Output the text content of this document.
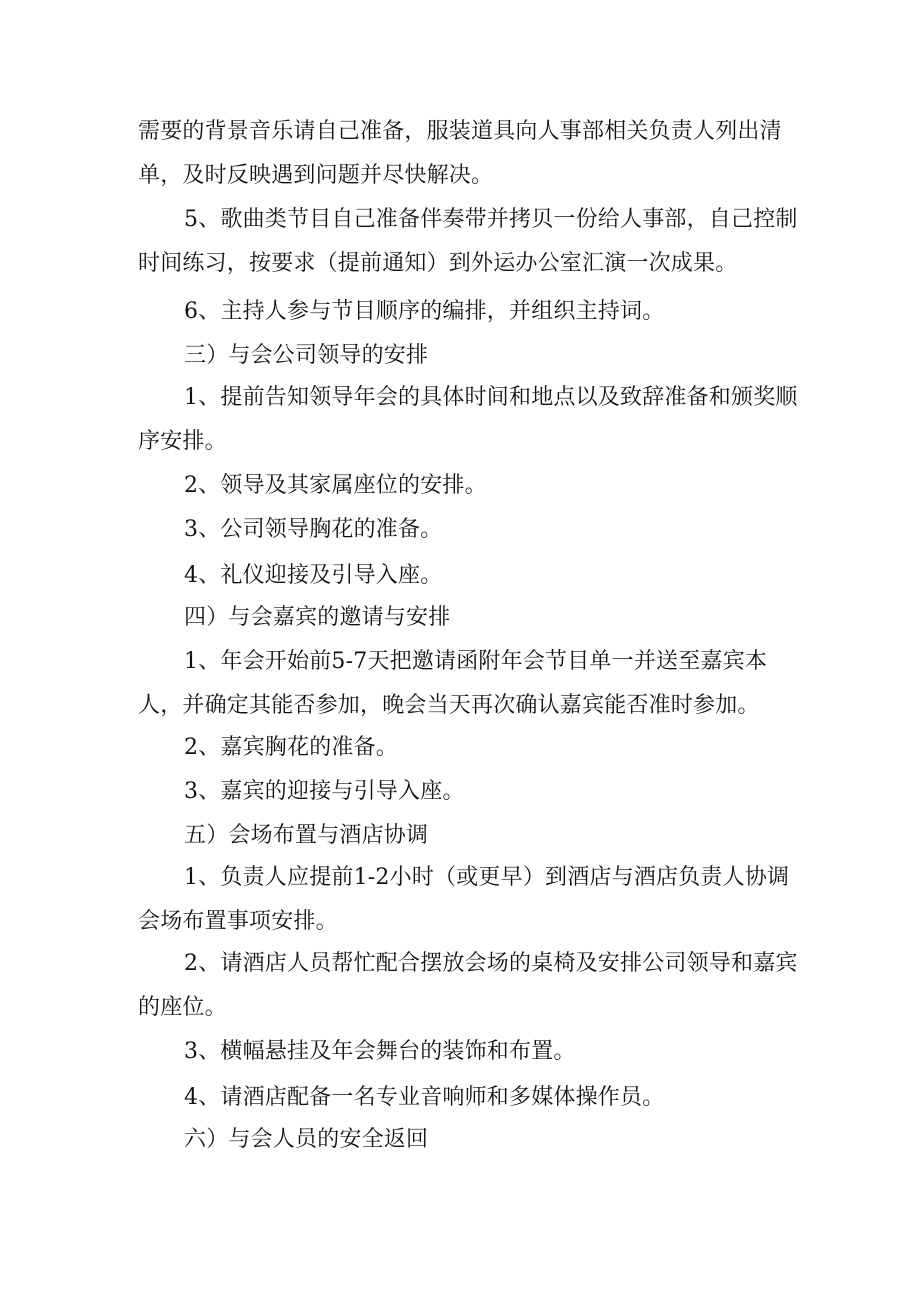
需要的背景音乐请自己准备，服装道具向人事部相关负责人列出清单，及时反映遇到问题并尽快解决。

5、歌曲类节目自己准备伴奏带并拷贝一份给人事部，自己控制时间练习，按要求（提前通知）到外运办公室汇演一次成果。

6、主持人参与节目顺序的编排，并组织主持词。

三）与会公司领导的安排

1、提前告知领导年会的具体时间和地点以及致辞准备和颁奖顺序安排。

2、领导及其家属座位的安排。

3、公司领导胸花的准备。

4、礼仪迎接及引导入座。

四）与会嘉宾的邀请与安排

1、年会开始前5-7天把邀请函附年会节目单一并送至嘉宾本人，并确定其能否参加，晚会当天再次确认嘉宾能否准时参加。

2、嘉宾胸花的准备。

3、嘉宾的迎接与引导入座。

五）会场布置与酒店协调

1、负责人应提前1-2小时（或更早）到酒店与酒店负责人协调会场布置事项安排。

2、请酒店人员帮忙配合摆放会场的桌椅及安排公司领导和嘉宾的座位。

3、横幅悬挂及年会舞台的装饰和布置。

4、请酒店配备一名专业音响师和多媒体操作员。

六）与会人员的安全返回
